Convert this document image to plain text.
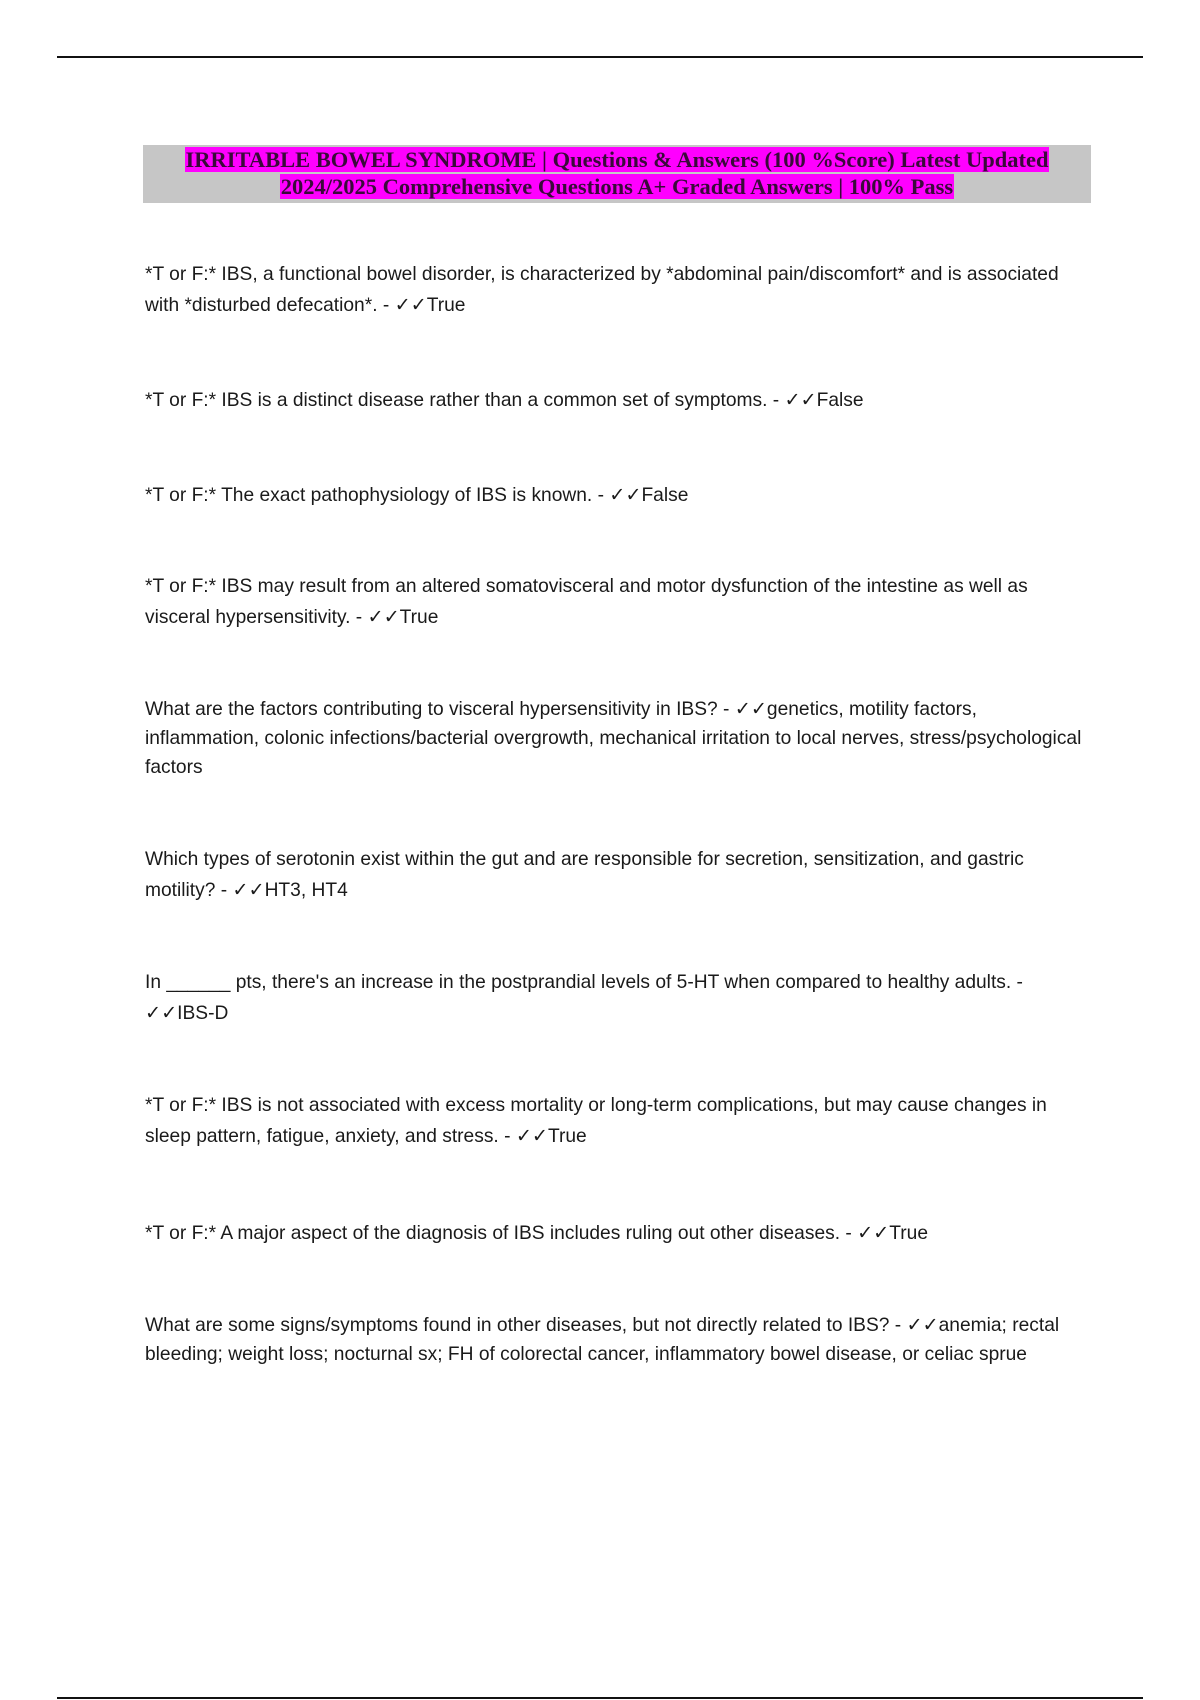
IRRITABLE BOWEL SYNDROME | Questions & Answers (100 %Score) Latest Updated
2024/2025 Comprehensive Questions A+ Graded Answers | 100% Pass
*T or F:* IBS, a functional bowel disorder, is characterized by *abdominal pain/discomfort* and is associated with *disturbed defecation*. - ✓✓True
*T or F:* IBS is a distinct disease rather than a common set of symptoms. - ✓✓False
*T or F:* The exact pathophysiology of IBS is known. - ✓✓False
*T or F:* IBS may result from an altered somatovisceral and motor dysfunction of the intestine as well as visceral hypersensitivity. - ✓✓True
What are the factors contributing to visceral hypersensitivity in IBS? - ✓✓genetics, motility factors, inflammation, colonic infections/bacterial overgrowth, mechanical irritation to local nerves, stress/psychological factors
Which types of serotonin exist within the gut and are responsible for secretion, sensitization, and gastric motility? - ✓✓HT3, HT4
In ______ pts, there's an increase in the postprandial levels of 5-HT when compared to healthy adults. - ✓✓IBS-D
*T or F:* IBS is not associated with excess mortality or long-term complications, but may cause changes in sleep pattern, fatigue, anxiety, and stress. - ✓✓True
*T or F:* A major aspect of the diagnosis of IBS includes ruling out other diseases. - ✓✓True
What are some signs/symptoms found in other diseases, but not directly related to IBS? - ✓✓anemia; rectal bleeding; weight loss; nocturnal sx; FH of colorectal cancer, inflammatory bowel disease, or celiac sprue
